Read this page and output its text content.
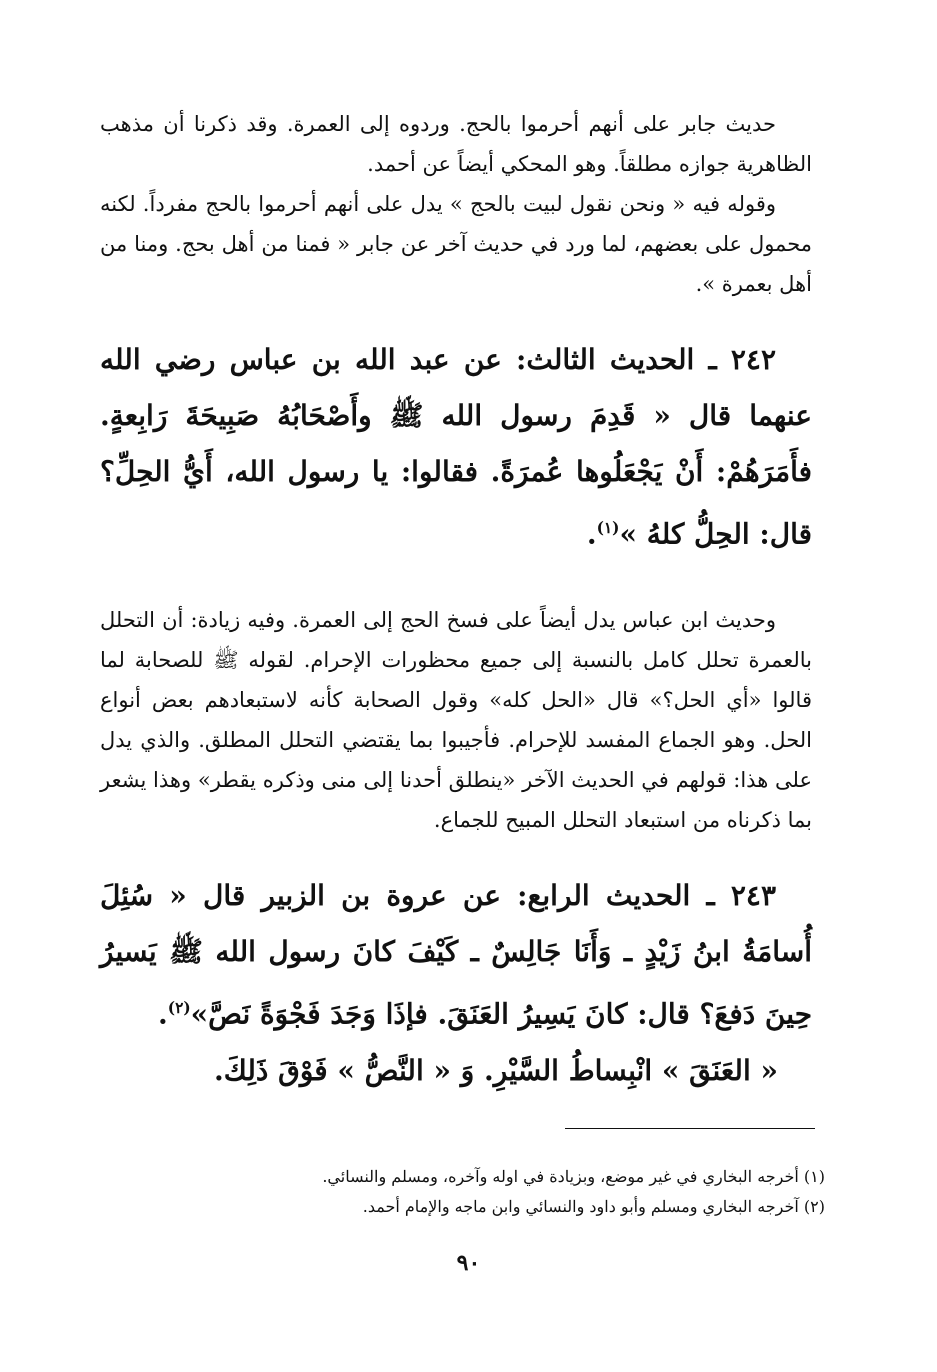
حديث جابر على أنهم أحرموا بالحج. وردوه إلى العمرة. وقد ذكرنا أن مذهب الظاهرية جوازه مطلقاً. وهو المحكي أيضاً عن أحمد.

وقوله فيه « ونحن نقول لبيت بالحج » يدل على أنهم أحرموا بالحج مفرداً. لكنه محمول على بعضهم، لما ورد في حديث آخر عن جابر « فمنا من أهل بحج. ومنا من أهل بعمرة ».

٢٤٢ ـ الحديث الثالث: عن عبد الله بن عباس رضي الله عنهما قال « قَدِمَ رسول الله ﷺ وأَصْحَابُهُ صَبِيحَةَ رَابِعةٍ. فأَمَرَهُمْ: أَنْ يَجْعَلُوها عُمرَةً. فقالوا: يا رسول الله، أَيُّ الحِلِّ؟ قال: الحِلُّ كلهُ »$^{(١)}$.

وحديث ابن عباس يدل أيضاً على فسخ الحج إلى العمرة. وفيه زيادة: أن التحلل بالعمرة تحلل كامل بالنسبة إلى جميع محظورات الإحرام. لقوله ﷺ للصحابة لما قالوا «أي الحل؟» قال «الحل كله» وقول الصحابة كأنه لاستبعادهم بعض أنواع الحل. وهو الجماع المفسد للإحرام. فأجيبوا بما يقتضي التحلل المطلق. والذي يدل على هذا: قولهم في الحديث الآخر «ينطلق أحدنا إلى منى وذكره يقطر» وهذا يشعر بما ذكرناه من استبعاد التحلل المبيح للجماع.

٢٤٣ ـ الحديث الرابع: عن عروة بن الزبير قال « سُئِلَ أُسامَةُ ابنُ زَيْدٍ ـ وَأَنَا جَالِسٌ ـ كَيْفَ كانَ رسول الله ﷺ يَسيرُ حِينَ دَفعَ؟ قال: كانَ يَسِيرُ العَنَقَ. فإذَا وَجَدَ فَجْوَةً نَصَّ»$^{(٢)}$.

« العَنَقَ » انْبِساطُ السَّيْرِ. وَ « النَّصُّ » فَوْقَ ذَلِكَ.

(١) أخرجه البخاري في غير موضع، وبزيادة في اوله وآخره، ومسلم والنسائي.

(٢) آخرجه البخاري ومسلم وأبو داود والنسائي وابن ماجه والإمام أحمد.

٩٠
